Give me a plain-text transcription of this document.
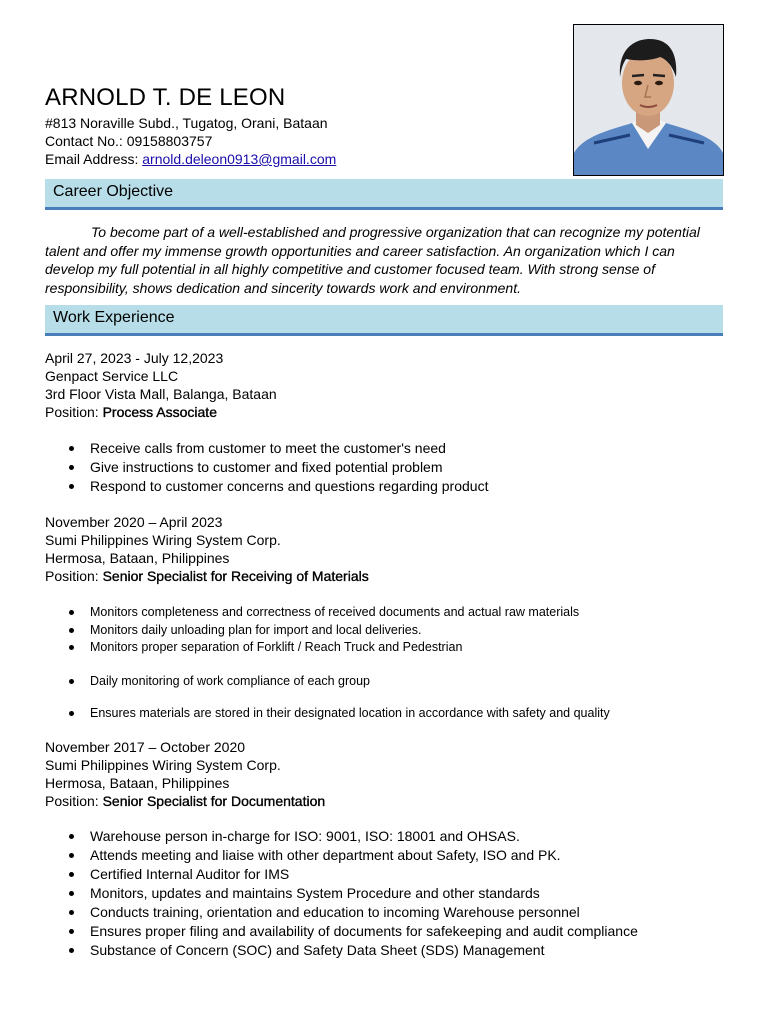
ARNOLD T. DE LEON
#813 Noraville Subd., Tugatog, Orani, Bataan
Contact No.: 09158803757
Email Address: arnold.deleon0913@gmail.com
Career Objective

To become part of a well-established and progressive organization that can recognize my potential talent and offer my immense growth opportunities and career satisfaction. An organization which I can develop my full potential in all highly competitive and customer focused team. With strong sense of responsibility, shows dedication and sincerity towards work and environment.

Work Experience
April 27, 2023 - July 12,2023
Genpact Service LLC
3rd Floor Vista Mall, Balanga, Bataan
Position: Process Associate
Receive calls from customer to meet the customer's need
Give instructions to customer and fixed potential problem
Respond to customer concerns and questions regarding product
November 2020 – April 2023
Sumi Philippines Wiring System Corp.
Hermosa, Bataan, Philippines
Position: Senior Specialist for Receiving of Materials
Monitors completeness and correctness of received documents and actual raw materials
Monitors daily unloading plan for import and local deliveries.
Monitors proper separation of Forklift / Reach Truck and Pedestrian
Daily monitoring of work compliance of each group
Ensures materials are stored in their designated location in accordance with safety and quality
November 2017 – October 2020
Sumi Philippines Wiring System Corp.
Hermosa, Bataan, Philippines
Position: Senior Specialist for Documentation
Warehouse person in-charge for ISO: 9001, ISO: 18001 and OHSAS.
Attends meeting and liaise with other department about Safety, ISO and PK.
Certified Internal Auditor for IMS
Monitors, updates and maintains System Procedure and other standards
Conducts training, orientation and education to incoming Warehouse personnel
Ensures proper filing and availability of documents for safekeeping and audit compliance
Substance of Concern (SOC) and Safety Data Sheet (SDS) Management
